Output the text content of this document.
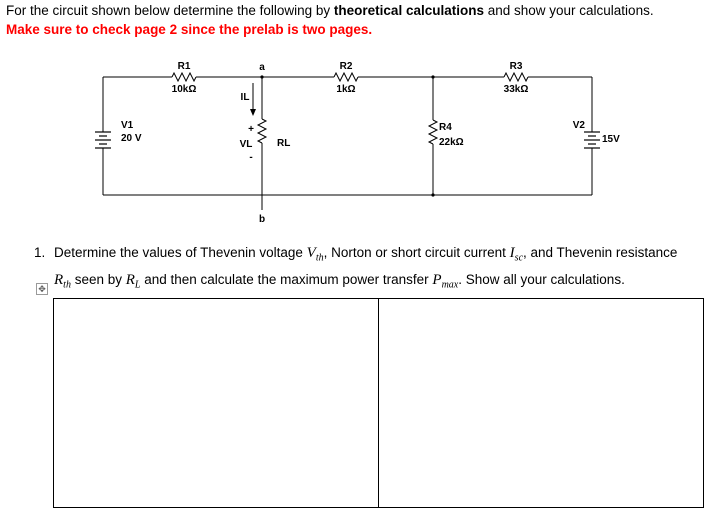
For the circuit shown below determine the following by theoretical calculations and show your calculations.
Make sure to check page 2 since the prelab is two pages.
R1
10kΩ
a	R2
1kΩ
R3
33kΩ
IL
+
VL
-
RL
b
V1
20 V
R4
22kΩ
V2
15V
1. Determine the values of Thevenin voltage $V_{th}$, Norton or short circuit current $I_{sc}$, and Thevenin resistance $R_{th}$ seen by $R_L$ and then calculate the maximum power transfer $P_{max}$. Show all your calculations.
✥
